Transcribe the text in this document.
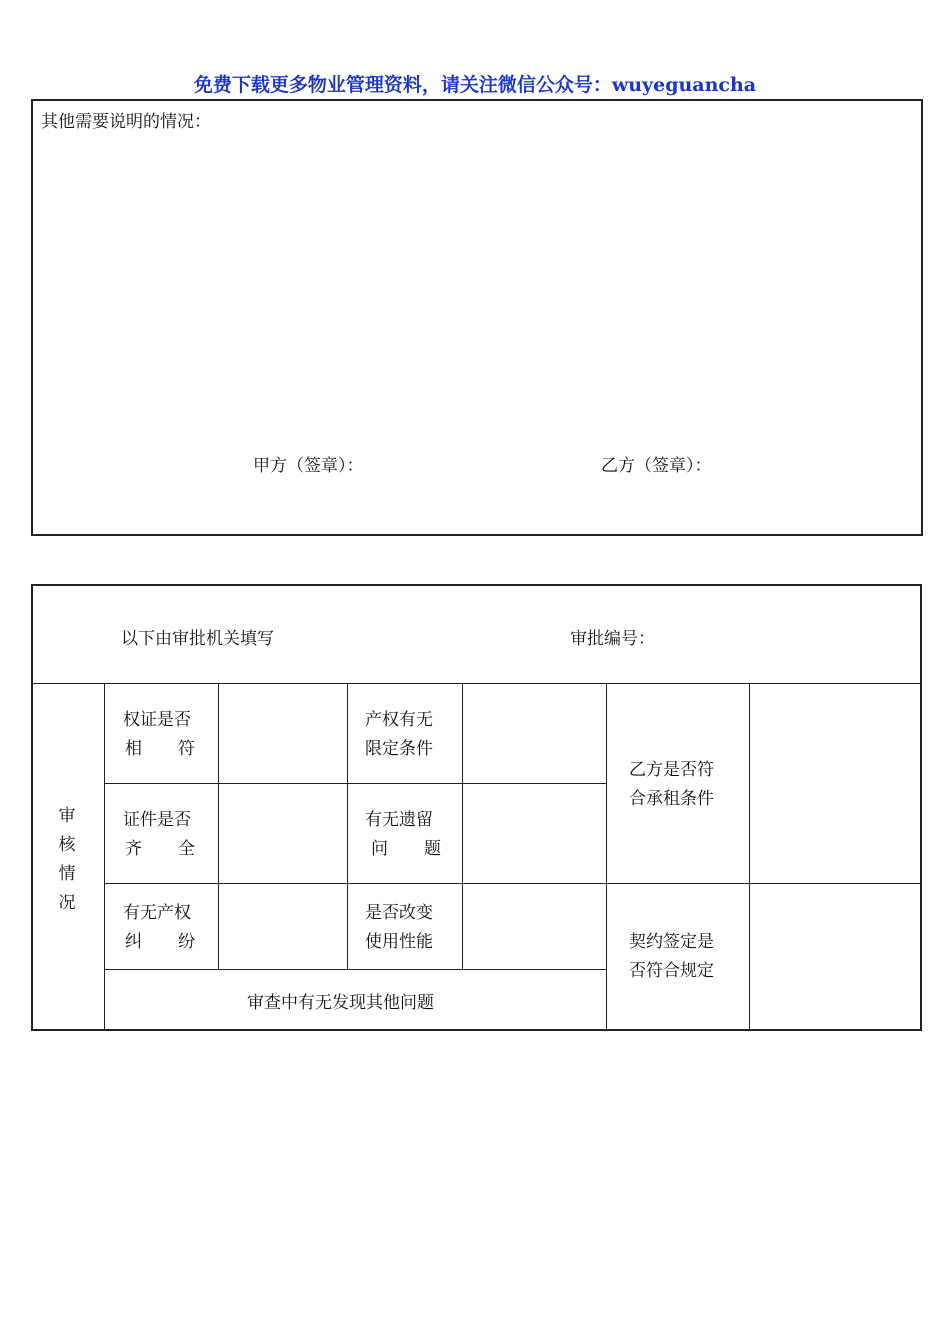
免费下载更多物业管理资料，请关注微信公众号：wuyeguancha
其他需要说明的情况：
甲方（签章）：	乙方（签章）：
以下由审批机关填写	审批编号：
审
核
情
况
权证是否
相符
产权有无
限定条件
证件是否
齐全
有无遗留
问题
有无产权
纠纷
是否改变
使用性能
审查中有无发现其他问题
乙方是否符
合承租条件
契约签定是
否符合规定
